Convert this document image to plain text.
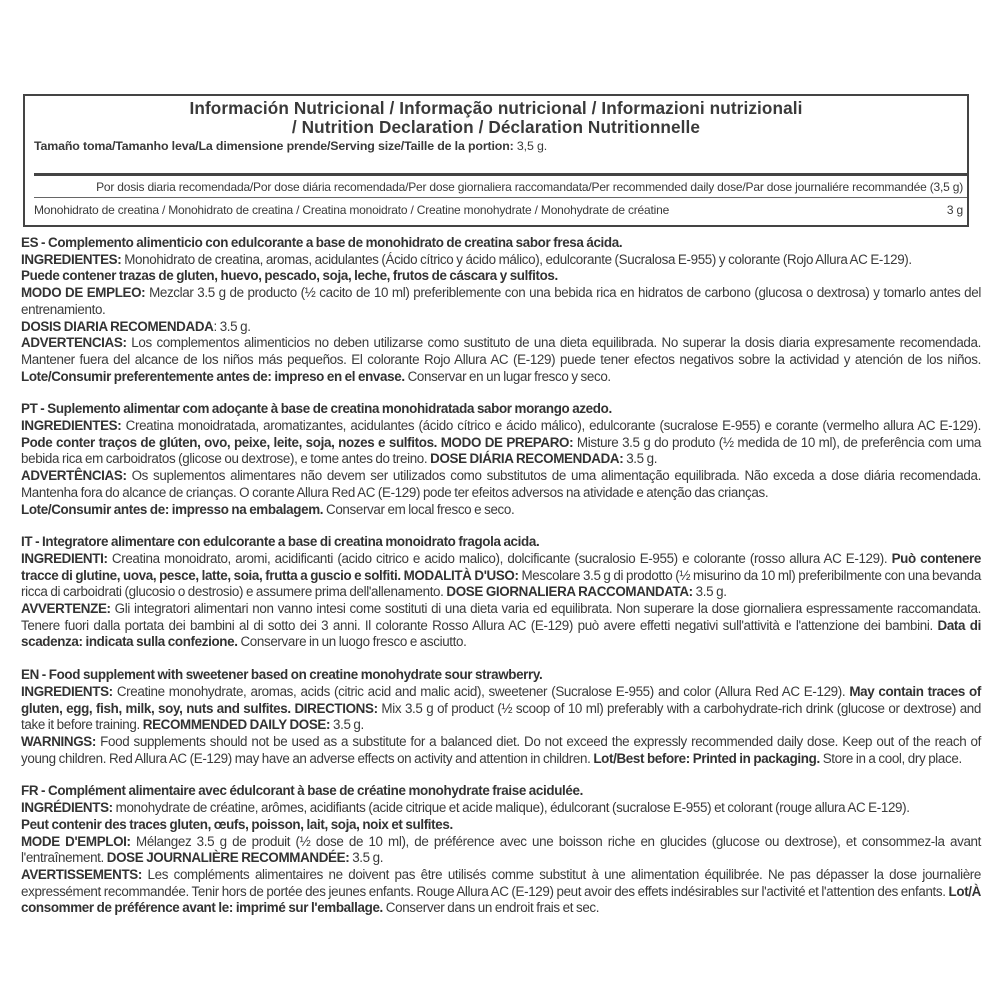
Información Nutricional / Informação nutricional / Informazioni nutrizionali
/ Nutrition Declaration / Déclaration Nutritionnelle
Tamaño toma/Tamanho leva/La dimensione prende/Serving size/Taille de la portion: 3,5 g.
Por dosis diaria recomendada/Por dose diária recomendada/Per dose giornaliera raccomandata/Per recommended daily dose/Par dose journaliére recommandée (3,5 g)
Monohidrato de creatina / Monohidrato de creatina / Creatina monoidrato / Creatine monohydrate / Monohydrate de créatine	3 g

ES - Complemento alimenticio con edulcorante a base de monohidrato de creatina sabor fresa ácida.

INGREDIENTES: Monohidrato de creatina, aromas, acidulantes (Ácido cítrico y ácido málico), edulcorante (Sucralosa E-955) y colorante (Rojo Allura AC E-129).

Puede contener trazas de gluten, huevo, pescado, soja, leche, frutos de cáscara y sulfitos.

MODO DE EMPLEO: Mezclar 3.5 g de producto (½ cacito de 10 ml) preferiblemente con una bebida rica en hidratos de carbono (glucosa o dextrosa) y tomarlo antes del entrenamiento.

DOSIS DIARIA RECOMENDADA: 3.5 g.

ADVERTENCIAS: Los complementos alimenticios no deben utilizarse como sustituto de una dieta equilibrada. No superar la dosis diaria expresamente recomendada. Mantener fuera del alcance de los niños más pequeños. El colorante Rojo Allura AC (E-129) puede tener efectos negativos sobre la actividad y atención de los niños. Lote/Consumir preferentemente antes de: impreso en el envase. Conservar en un lugar fresco y seco.

PT - Suplemento alimentar com adoçante à base de creatina monohidratada sabor morango azedo.

INGREDIENTES: Creatina monoidratada, aromatizantes, acidulantes (ácido cítrico e ácido málico), edulcorante (sucralose E-955) e corante (vermelho allura AC E-129). Pode conter traços de glúten, ovo, peixe, leite, soja, nozes e sulfitos. MODO DE PREPARO: Misture 3.5 g do produto (½ medida de 10 ml), de preferência com uma bebida rica em carboidratos (glicose ou dextrose), e tome antes do treino. DOSE DIÁRIA RECOMENDADA: 3.5 g.

ADVERTÊNCIAS: Os suplementos alimentares não devem ser utilizados como substitutos de uma alimentação equilibrada. Não exceda a dose diária recomendada. Mantenha fora do alcance de crianças. O corante Allura Red AC (E-129) pode ter efeitos adversos na atividade e atenção das crianças.

Lote/Consumir antes de: impresso na embalagem. Conservar em local fresco e seco.

IT - Integratore alimentare con edulcorante a base di creatina monoidrato fragola acida.

INGREDIENTI: Creatina monoidrato, aromi, acidificanti (acido citrico e acido malico), dolcificante (sucralosio E-955) e colorante (rosso allura AC E-129). Può contenere tracce di glutine, uova, pesce, latte, soia, frutta a guscio e solfiti. MODALITÀ D'USO: Mescolare 3.5 g di prodotto (½ misurino da 10 ml) preferibilmente con una bevanda ricca di carboidrati (glucosio o destrosio) e assumere prima dell'allenamento. DOSE GIORNALIERA RACCOMANDATA: 3.5 g.

AVVERTENZE: Gli integratori alimentari non vanno intesi come sostituti di una dieta varia ed equilibrata. Non superare la dose giornaliera espressamente raccomandata. Tenere fuori dalla portata dei bambini al di sotto dei 3 anni. Il colorante Rosso Allura AC (E-129) può avere effetti negativi sull'attività e l'attenzione dei bambini. Data di scadenza: indicata sulla confezione. Conservare in un luogo fresco e asciutto.

EN - Food supplement with sweetener based on creatine monohydrate sour strawberry.

INGREDIENTS: Creatine monohydrate, aromas, acids (citric acid and malic acid), sweetener (Sucralose E-955) and color (Allura Red AC E-129). May contain traces of gluten, egg, fish, milk, soy, nuts and sulfites. DIRECTIONS: Mix 3.5 g of product (½ scoop of 10 ml) preferably with a carbohydrate-rich drink (glucose or dextrose) and take it before training. RECOMMENDED DAILY DOSE: 3.5 g.

WARNINGS: Food supplements should not be used as a substitute for a balanced diet. Do not exceed the expressly recommended daily dose. Keep out of the reach of young children. Red Allura AC (E-129) may have an adverse effects on activity and attention in children. Lot/Best before: Printed in packaging. Store in a cool, dry place.

FR - Complément alimentaire avec édulcorant à base de créatine monohydrate fraise acidulée.

INGRÉDIENTS: monohydrate de créatine, arômes, acidifiants (acide citrique et acide malique), édulcorant (sucralose E-955) et colorant (rouge allura AC E-129).

Peut contenir des traces gluten, œufs, poisson, lait, soja, noix et sulfites.

MODE D'EMPLOI: Mélangez 3.5 g de produit (½ dose de 10 ml), de préférence avec une boisson riche en glucides (glucose ou dextrose), et consommez-la avant l'entraînement. DOSE JOURNALIÈRE RECOMMANDÉE: 3.5 g.

AVERTISSEMENTS: Les compléments alimentaires ne doivent pas être utilisés comme substitut à une alimentation équilibrée. Ne pas dépasser la dose journalière expressément recommandée. Tenir hors de portée des jeunes enfants. Rouge Allura AC (E-129) peut avoir des effets indésirables sur l'activité et l'attention des enfants. Lot/À consommer de préférence avant le: imprimé sur l'emballage. Conserver dans un endroit frais et sec.
